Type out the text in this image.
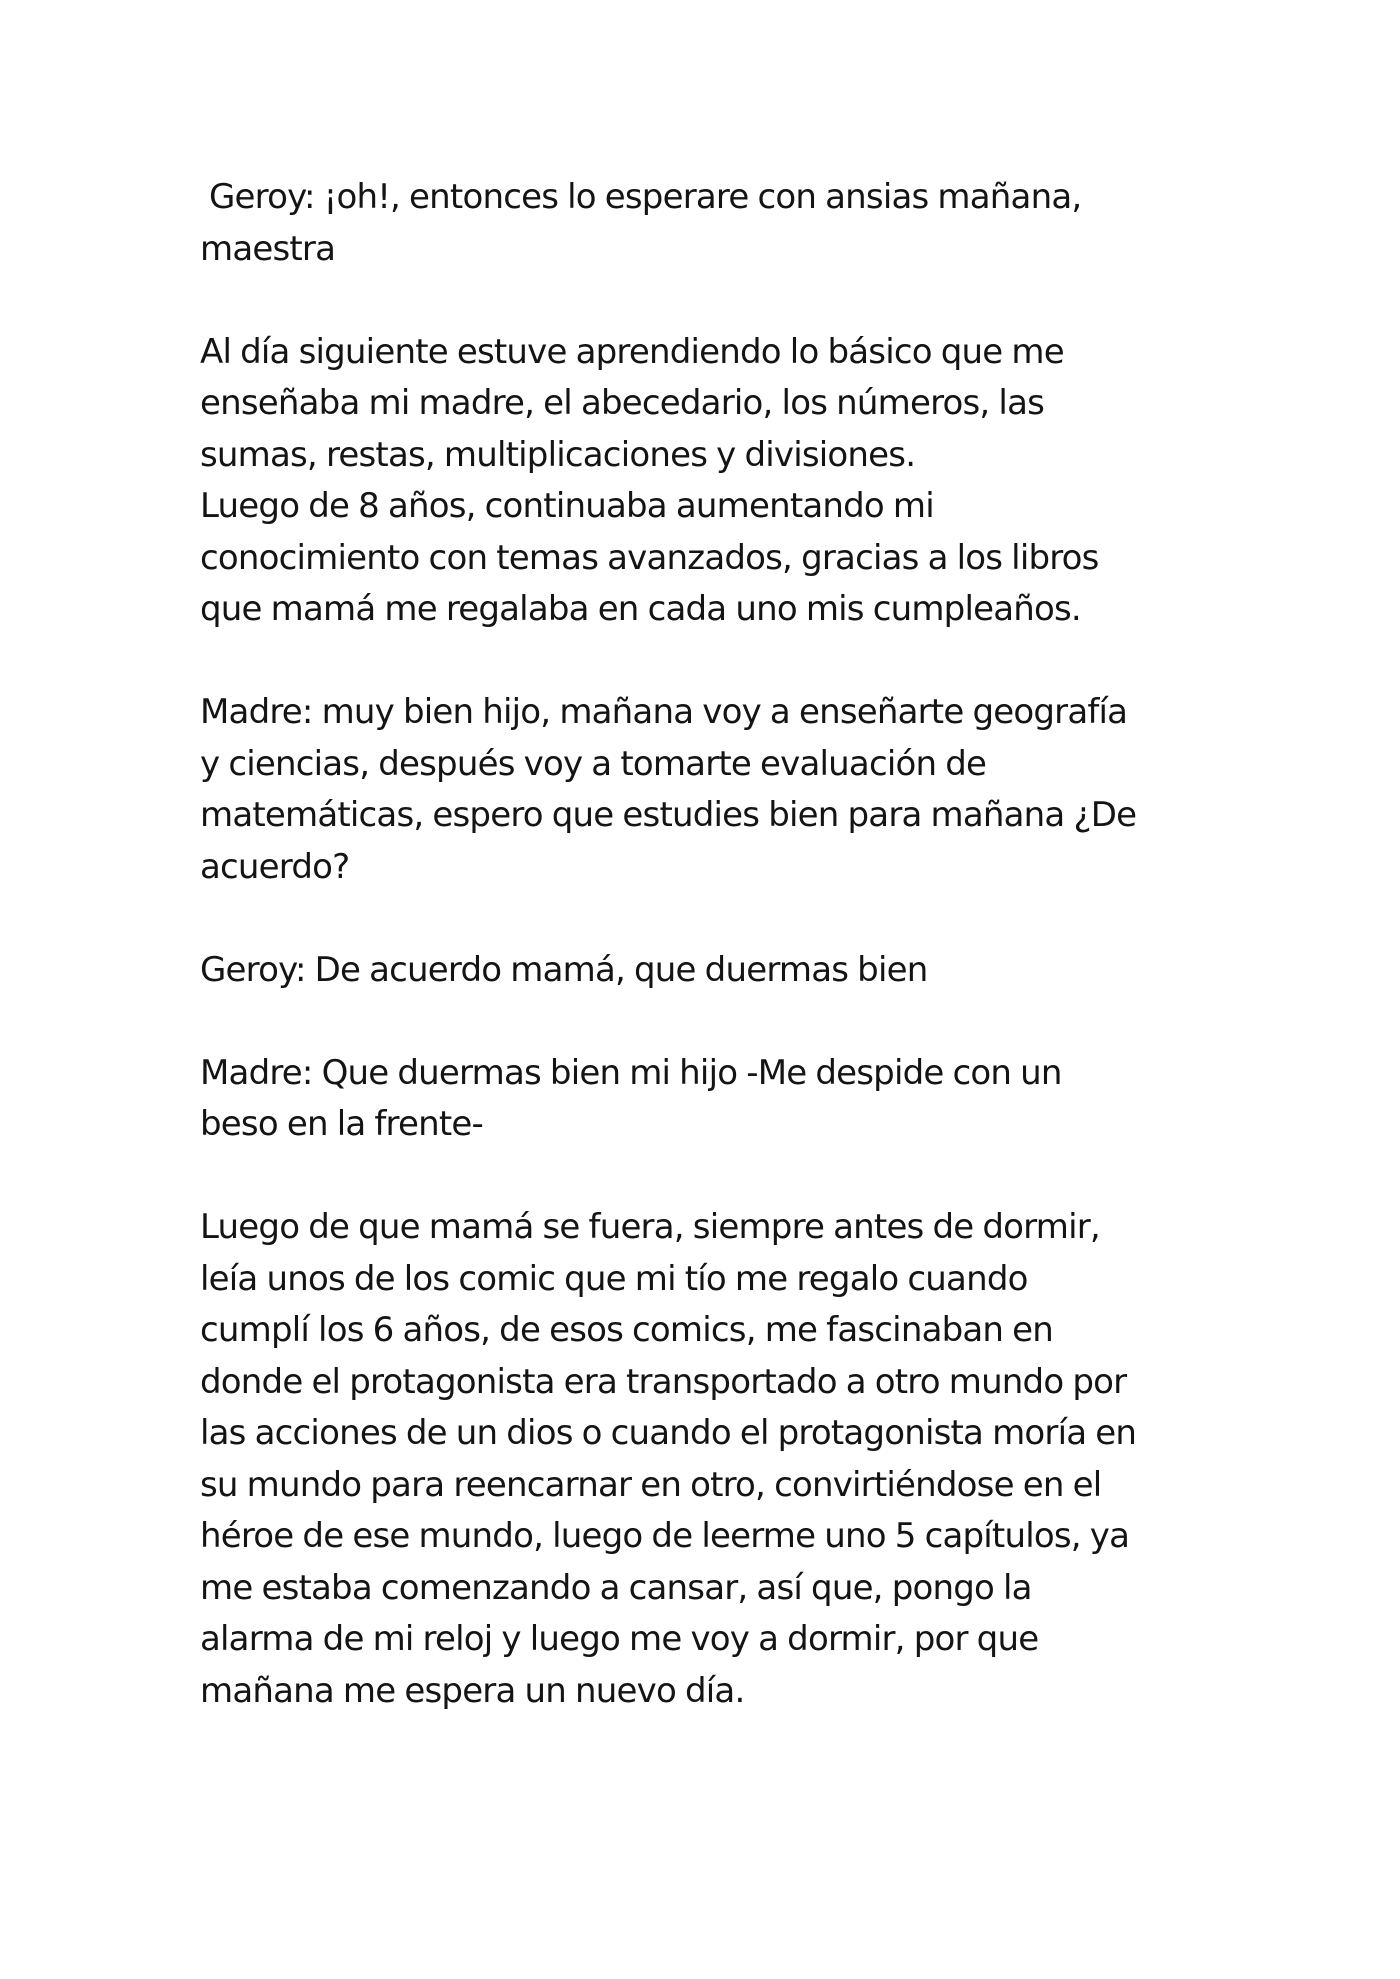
Geroy: ¡oh!, entonces lo esperare con ansias mañana,
maestra
Al día siguiente estuve aprendiendo lo básico que me
enseñaba mi madre, el abecedario, los números, las
sumas, restas, multiplicaciones y divisiones.
Luego de 8 años, continuaba aumentando mi
conocimiento con temas avanzados, gracias a los libros
que mamá me regalaba en cada uno mis cumpleaños.
Madre: muy bien hijo, mañana voy a enseñarte geografía
y ciencias, después voy a tomarte evaluación de
matemáticas, espero que estudies bien para mañana ¿De
acuerdo?
Geroy: De acuerdo mamá, que duermas bien
Madre: Que duermas bien mi hijo -Me despide con un
beso en la frente-
Luego de que mamá se fuera, siempre antes de dormir,
leía unos de los comic que mi tío me regalo cuando
cumplí los 6 años, de esos comics, me fascinaban en
donde el protagonista era transportado a otro mundo por
las acciones de un dios o cuando el protagonista moría en
su mundo para reencarnar en otro, convirtiéndose en el
héroe de ese mundo, luego de leerme uno 5 capítulos, ya
me estaba comenzando a cansar, así que, pongo la
alarma de mi reloj y luego me voy a dormir, por que
mañana me espera un nuevo día.
